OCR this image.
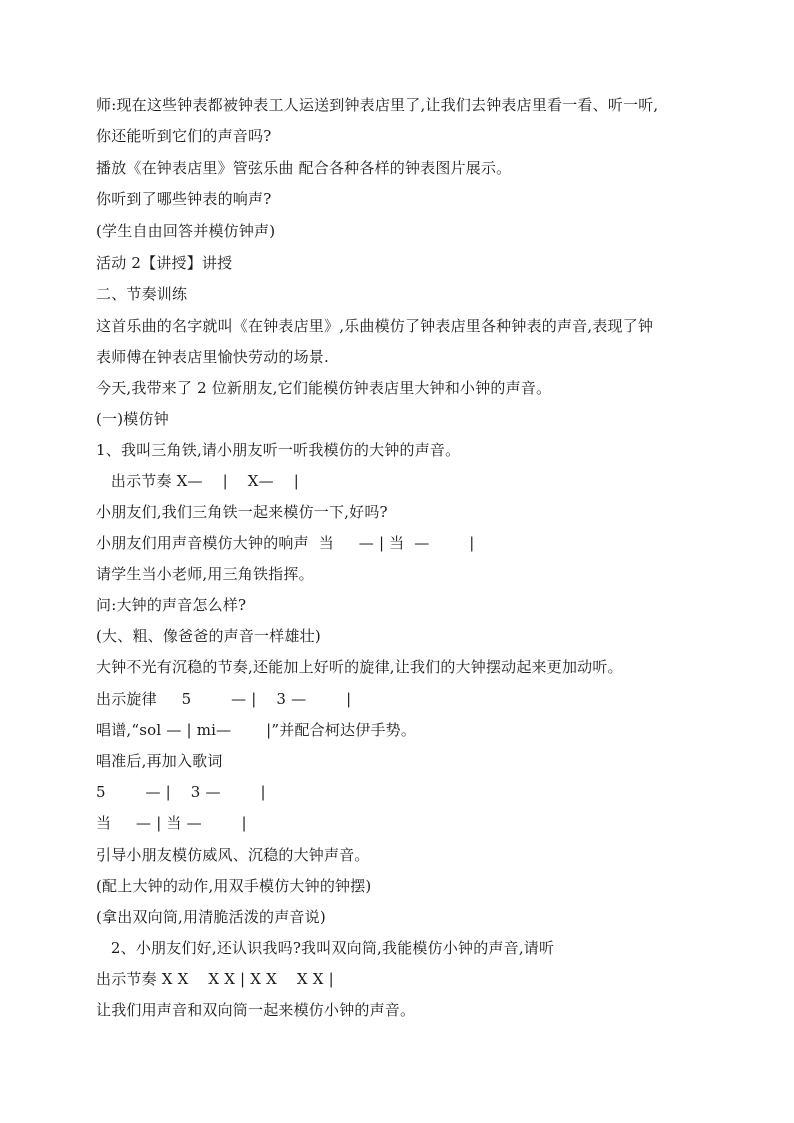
师:现在这些钟表都被钟表工人运送到钟表店里了,让我们去钟表店里看一看、听一听,
你还能听到它们的声音吗?
播放《在钟表店里》管弦乐曲 配合各种各样的钟表图片展示。
你听到了哪些钟表的响声?
(学生自由回答并模仿钟声)
活动 2【讲授】讲授
二、节奏训练
这首乐曲的名字就叫《在钟表店里》,乐曲模仿了钟表店里各种钟表的声音,表现了钟
表师傅在钟表店里愉快劳动的场景.
今天,我带来了 2 位新朋友,它们能模仿钟表店里大钟和小钟的声音。
(一)模仿钟
1、我叫三角铁,请小朋友听一听我模仿的大钟的声音。
出示节奏 X—    |    X—    |
小朋友们,我们三角铁一起来模仿一下,好吗?
小朋友们用声音模仿大钟的响声  当     — | 当  —        |
请学生当小老师,用三角铁指挥。
问:大钟的声音怎么样?
(大、粗、像爸爸的声音一样雄壮)
大钟不光有沉稳的节奏,还能加上好听的旋律,让我们的大钟摆动起来更加动听。
出示旋律     5        — |    3 —        |
唱谱,“sol — | mi—       |”并配合柯达伊手势。
唱准后,再加入歌词
5        — |    3 —        |
当     — | 当 —        |
引导小朋友模仿威风、沉稳的大钟声音。
(配上大钟的动作,用双手模仿大钟的钟摆)
(拿出双向筒,用清脆活泼的声音说)
2、小朋友们好,还认识我吗?我叫双向筒,我能模仿小钟的声音,请听
出示节奏 X X    X X | X X    X X |
让我们用声音和双向筒一起来模仿小钟的声音。
